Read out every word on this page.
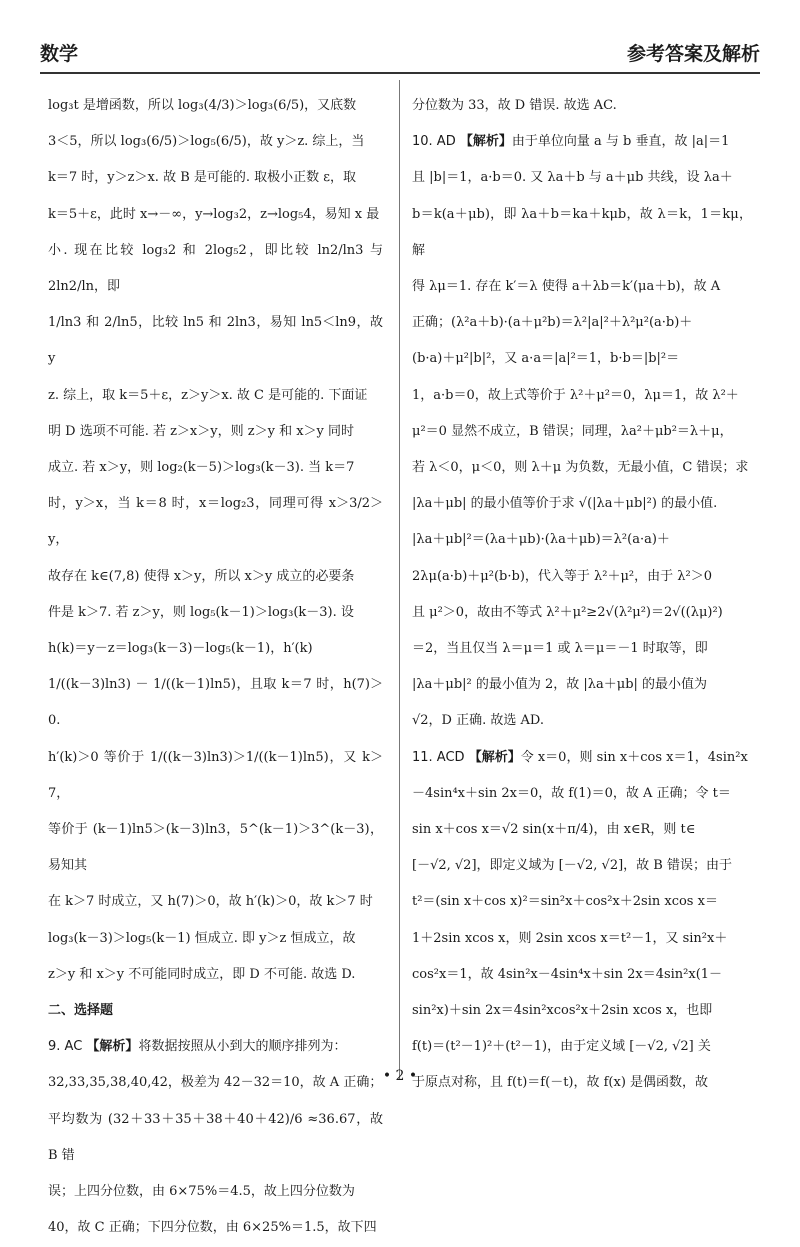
数学	参考答案及解析

log₃t 是增函数，所以 log₃(4/3)＞log₃(6/5)，又底数

3＜5，所以 log₃(6/5)＞log₅(6/5)，故 y＞z. 综上，当

k＝7 时，y＞z＞x. 故 B 是可能的. 取极小正数 ε，取

k＝5＋ε，此时 x→－∞，y→log₃2，z→log₅4，易知 x 最

小. 现在比较 log₃2 和 2log₅2，即比较 ln2/ln3 与 2ln2/ln，即

1/ln3 和 2/ln5，比较 ln5 和 2ln3，易知 ln5＜ln9，故 y

z. 综上，取 k＝5＋ε，z＞y＞x. 故 C 是可能的. 下面证

明 D 选项不可能. 若 z＞x＞y，则 z＞y 和 x＞y 同时

成立. 若 x＞y，则 log₂(k－5)＞log₃(k－3). 当 k＝7

时，y＞x，当 k＝8 时，x＝log₂3，同理可得 x＞3/2＞y，

故存在 k∈(7,8) 使得 x＞y，所以 x＞y 成立的必要条

件是 k＞7. 若 z＞y，则 log₅(k－1)＞log₃(k－3). 设

h(k)＝y－z＝log₃(k－3)－log₅(k－1)，h′(k)

1/((k－3)ln3) － 1/((k－1)ln5)，且取 k＝7 时，h(7)＞0.

h′(k)＞0 等价于 1/((k－3)ln3)＞1/((k－1)ln5)，又 k＞7，

等价于 (k－1)ln5＞(k－3)ln3，5^(k－1)＞3^(k－3)，易知其

在 k＞7 时成立，又 h(7)＞0，故 h′(k)＞0，故 k＞7 时

log₃(k－3)＞log₅(k－1) 恒成立. 即 y＞z 恒成立，故

z＞y 和 x＞y 不可能同时成立，即 D 不可能. 故选 D.

二、选择题

9. AC 【解析】将数据按照从小到大的顺序排列为：

32,33,35,38,40,42，极差为 42－32＝10，故 A 正确；

平均数为 (32＋33＋35＋38＋40＋42)/6 ≈36.67，故 B 错

误；上四分位数，由 6×75%＝4.5，故上四分位数为

40，故 C 正确；下四分位数，由 6×25%＝1.5，故下四

分位数为 33，故 D 错误. 故选 AC.

10. AD 【解析】由于单位向量 a 与 b 垂直，故 |a|＝1

且 |b|＝1，a·b＝0. 又 λa＋b 与 a＋μb 共线，设 λa＋

b＝k(a＋μb)，即 λa＋b＝ka＋kμb，故 λ＝k，1＝kμ，解

得 λμ＝1. 存在 k′＝λ 使得 a＋λb＝k′(μa＋b)，故 A

正确；(λ²a＋b)·(a＋μ²b)＝λ²|a|²＋λ²μ²(a·b)＋

(b·a)＋μ²|b|²，又 a·a＝|a|²＝1，b·b＝|b|²＝

1，a·b＝0，故上式等价于 λ²＋μ²＝0，λμ＝1，故 λ²＋

μ²＝0 显然不成立，B 错误；同理，λa²＋μb²＝λ＋μ，

若 λ＜0，μ＜0，则 λ＋μ 为负数，无最小值，C 错误；求

|λa＋μb| 的最小值等价于求 √(|λa＋μb|²) 的最小值.

|λa＋μb|²＝(λa＋μb)·(λa＋μb)＝λ²(a·a)＋

2λμ(a·b)＋μ²(b·b)，代入等于 λ²＋μ²，由于 λ²＞0

且 μ²＞0，故由不等式 λ²＋μ²≥2√(λ²μ²)＝2√((λμ)²)

＝2，当且仅当 λ＝μ＝1 或 λ＝μ＝－1 时取等，即

|λa＋μb|² 的最小值为 2，故 |λa＋μb| 的最小值为

√2，D 正确. 故选 AD.

11. ACD 【解析】令 x＝0，则 sin x＋cos x＝1，4sin²x

－4sin⁴x＋sin 2x＝0，故 f(1)＝0，故 A 正确；令 t＝

sin x＋cos x＝√2 sin(x＋π/4)，由 x∈R，则 t∈

[－√2, √2]，即定义域为 [－√2, √2]，故 B 错误；由于

t²＝(sin x＋cos x)²＝sin²x＋cos²x＋2sin xcos x＝

1＋2sin xcos x，则 2sin xcos x＝t²－1，又 sin²x＋

cos²x＝1，故 4sin²x－4sin⁴x＋sin 2x＝4sin²x(1－

sin²x)＋sin 2x＝4sin²xcos²x＋2sin xcos x，也即

f(t)＝(t²－1)²＋(t²－1)，由于定义域 [－√2, √2] 关

于原点对称，且 f(t)＝f(－t)，故 f(x) 是偶函数，故

• 2 •
